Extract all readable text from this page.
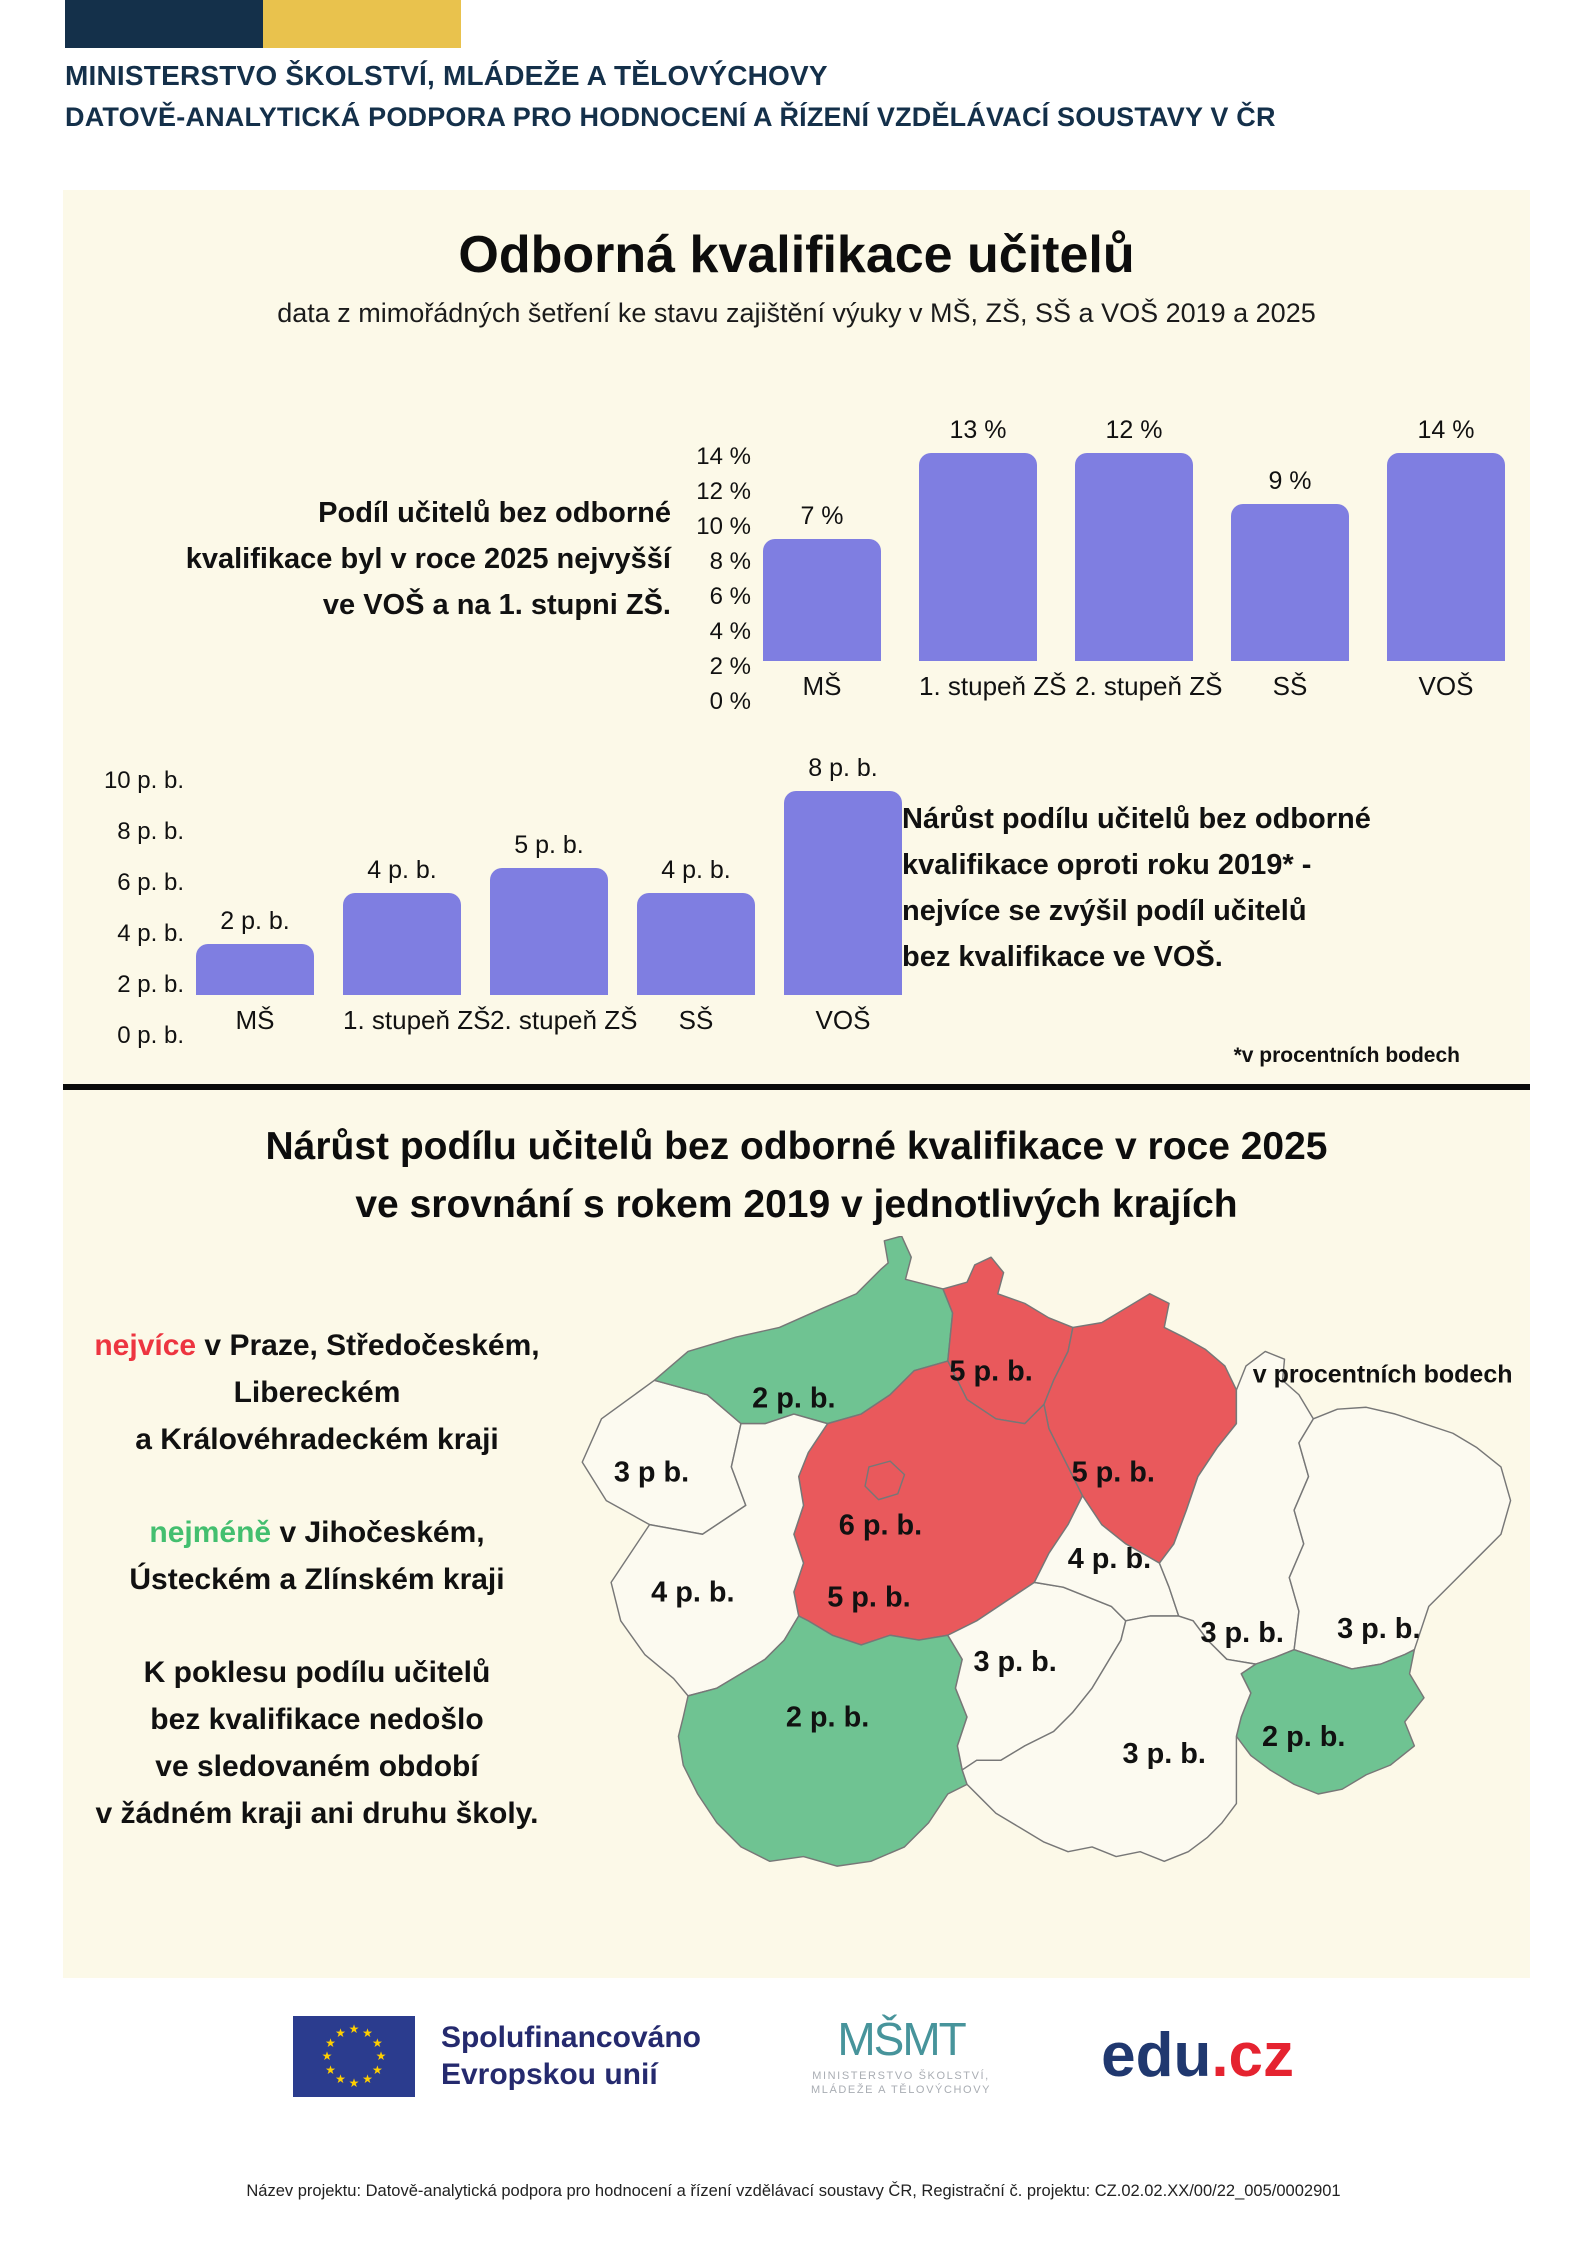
MINISTERSTVO ŠKOLSTVÍ, MLÁDEŽE A TĚLOVÝCHOVY
DATOVĚ-ANALYTICKÁ PODPORA PRO HODNOCENÍ A ŘÍZENÍ VZDĚLÁVACÍ SOUSTAVY V ČR
Odborná kvalifikace učitelů
data z mimořádných šetření ke stavu zajištění výuky v MŠ, ZŠ, SŠ a VOŠ 2019 a 2025
Podíl učitelů bez odborné
kvalifikace byl v roce 2025 nejvyšší
ve VOŠ a na 1. stupni ZŠ.
14 %
12 %
10 %
8 %
6 %
4 %
2 %
0 %
7 %
13 %	12 %
9 %
14 %
MŠ	1. stupeň ZŠ 2. stupeň ZŠ	SŠ	VOŠ
10 p. b.
8 p. b.
6 p. b.
4 p. b.
2 p. b.
0 p. b.
2 p. b.
4 p. b.
5 p. b.
4 p. b.
8 p. b.
MŠ	1. stupeň ZŠ 2. stupeň ZŠ	SŠ	VOŠ
Nárůst podílu učitelů bez odborné
kvalifikace oproti roku 2019* -
nejvíce se zvýšil podíl učitelů
bez kvalifikace ve VOŠ.
*v procentních bodech
Nárůst podílu učitelů bez odborné kvalifikace v roce 2025
ve srovnání s rokem 2019 v jednotlivých krajích
nejvíce v Praze, Středočeském,
Libereckém
a Královéhradeckém kraji
nejméně v Jihočeském,
Ústeckém a Zlínském kraji
K poklesu podílu učitelů
bez kvalifikace nedošlo
ve sledovaném období
v žádném kraji ani druhu školy.
3 p b.
2 p. b.
5 p. b.
5 p. b.
6 p. b.
5 p. b.
4 p. b.
4 p. b.
3 p. b.
3 p. b. 3 p. b.
2 p. b.
3 p. b.
2 p. b.
v procentních bodech
★ ★
★
★
★
★
★
★
★
★
★
★	Spolufinancováno
Evropskou unií
MŠMT
MINISTERSTVO ŠKOLSTVÍ,
MLÁDEŽE A TĚLOVÝCHOVY edu.cz
Název projektu: Datově-analytická podpora pro hodnocení a řízení vzdělávací soustavy ČR, Registrační č. projektu: CZ.02.02.XX/00/22_005/0002901
